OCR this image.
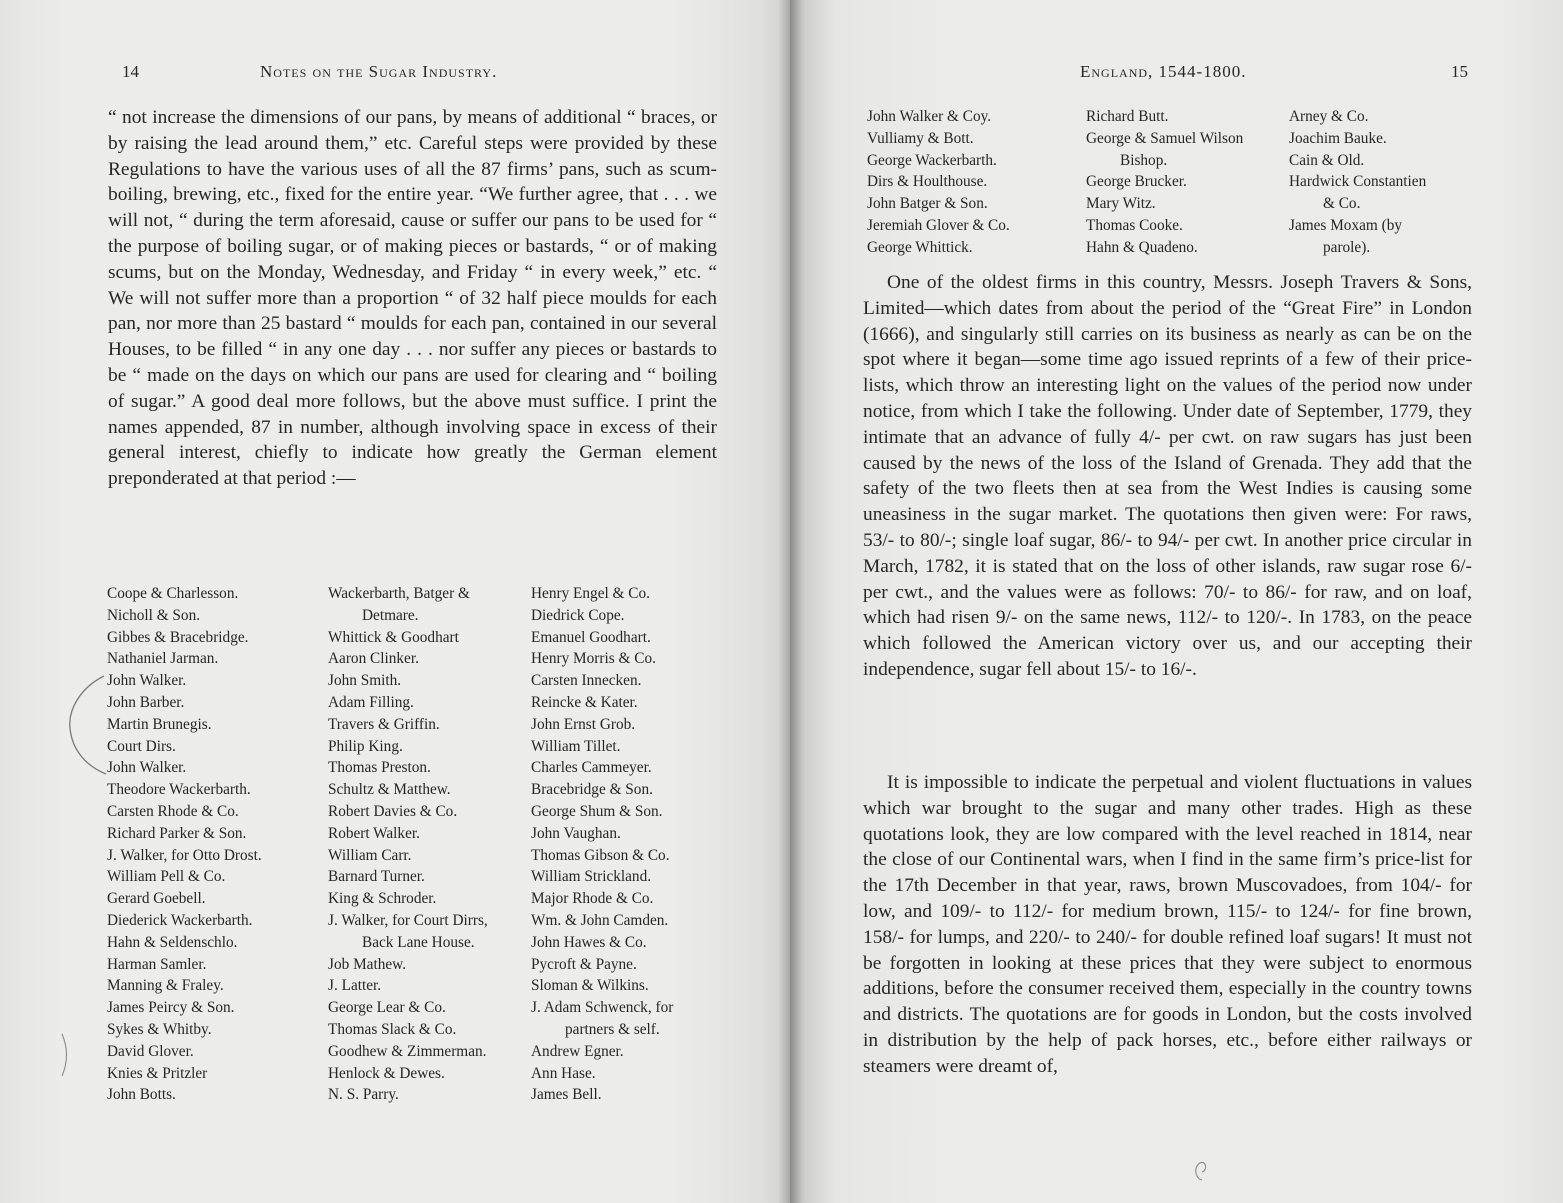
14	Notes on the Sugar Industry.

“ not increase the dimensions of our pans, by means of additional “ braces, or by raising the lead around them,” etc. Careful steps were provided by these Regulations to have the various uses of all the 87 firms’ pans, such as scum-boiling, brewing, etc., fixed for the entire year. “We further agree, that . . . we will not, “ during the term aforesaid, cause or suffer our pans to be used for “ the purpose of boiling sugar, or of making pieces or bastards, “ or of making scums, but on the Monday, Wednesday, and Friday “ in every week,” etc. “ We will not suffer more than a proportion “ of 32 half piece moulds for each pan, nor more than 25 bastard “ moulds for each pan, contained in our several Houses, to be filled “ in any one day . . . nor suffer any pieces or bastards to be “ made on the days on which our pans are used for clearing and “ boiling of sugar.” A good deal more follows, but the above must suffice. I print the names appended, 87 in number, although involving space in excess of their general interest, chiefly to indicate how greatly the German element preponderated at that period :—

Coope & Charlesson.
Nicholl & Son.
Gibbes & Bracebridge.
Nathaniel Jarman.
John Walker.
John Barber.
Martin Brunegis.
Court Dirs.
John Walker.
Theodore Wackerbarth.
Carsten Rhode & Co.
Richard Parker & Son.
J. Walker, for Otto Drost.
William Pell & Co.
Gerard Goebell.
Diederick Wackerbarth.
Hahn & Seldenschlo.
Harman Samler.
Manning & Fraley.
James Peircy & Son.
Sykes & Whitby.
David Glover.
Knies & Pritzler
John Botts.
Wackerbarth, Batger &
Detmare.
Whittick & Goodhart
Aaron Clinker.
John Smith.
Adam Filling.
Travers & Griffin.
Philip King.
Thomas Preston.
Schultz & Matthew.
Robert Davies & Co.
Robert Walker.
William Carr.
Barnard Turner.
King & Schroder.
J. Walker, for Court Dirrs,
Back Lane House.
Job Mathew.
J. Latter.
George Lear & Co.
Thomas Slack & Co.
Goodhew & Zimmerman.
Henlock & Dewes.
N. S. Parry.
Henry Engel & Co.
Diedrick Cope.
Emanuel Goodhart.
Henry Morris & Co.
Carsten Innecken.
Reincke & Kater.
John Ernst Grob.
William Tillet.
Charles Cammeyer.
Bracebridge & Son.
George Shum & Son.
John Vaughan.
Thomas Gibson & Co.
William Strickland.
Major Rhode & Co.
Wm. & John Camden.
John Hawes & Co.
Pycroft & Payne.
Sloman & Wilkins.
J. Adam Schwenck, for
partners & self.
Andrew Egner.
Ann Hase.
James Bell.
England, 1544-1800.	15
John Walker & Coy.
Vulliamy & Bott.
George Wackerbarth.
Dirs & Houlthouse.
John Batger & Son.
Jeremiah Glover & Co.
George Whittick.
Richard Butt.
George & Samuel Wilson
Bishop.
George Brucker.
Mary Witz.
Thomas Cooke.
Hahn & Quadeno.
Arney & Co.
Joachim Bauke.
Cain & Old.
Hardwick Constantien
& Co.
James Moxam (by
parole).

One of the oldest firms in this country, Messrs. Joseph Travers & Sons, Limited—which dates from about the period of the “Great Fire” in London (1666), and singularly still carries on its business as nearly as can be on the spot where it began—some time ago issued reprints of a few of their price-lists, which throw an interesting light on the values of the period now under notice, from which I take the following. Under date of September, 1779, they intimate that an advance of fully 4/- per cwt. on raw sugars has just been caused by the news of the loss of the Island of Grenada. They add that the safety of the two fleets then at sea from the West Indies is causing some uneasiness in the sugar market. The quotations then given were: For raws, 53/- to 80/-; single loaf sugar, 86/- to 94/- per cwt. In another price circular in March, 1782, it is stated that on the loss of other islands, raw sugar rose 6/- per cwt., and the values were as follows: 70/- to 86/- for raw, and on loaf, which had risen 9/- on the same news, 112/- to 120/-. In 1783, on the peace which followed the American victory over us, and our accepting their independence, sugar fell about 15/- to 16/-.

It is impossible to indicate the perpetual and violent fluctuations in values which war brought to the sugar and many other trades. High as these quotations look, they are low compared with the level reached in 1814, near the close of our Continental wars, when I find in the same firm’s price-list for the 17th December in that year, raws, brown Muscovadoes, from 104/- for low, and 109/- to 112/- for medium brown, 115/- to 124/- for fine brown, 158/- for lumps, and 220/- to 240/- for double refined loaf sugars! It must not be forgotten in looking at these prices that they were subject to enormous additions, before the consumer received them, especially in the country towns and districts. The quotations are for goods in London, but the costs involved in distribution by the help of pack horses, etc., before either railways or steamers were dreamt of,
